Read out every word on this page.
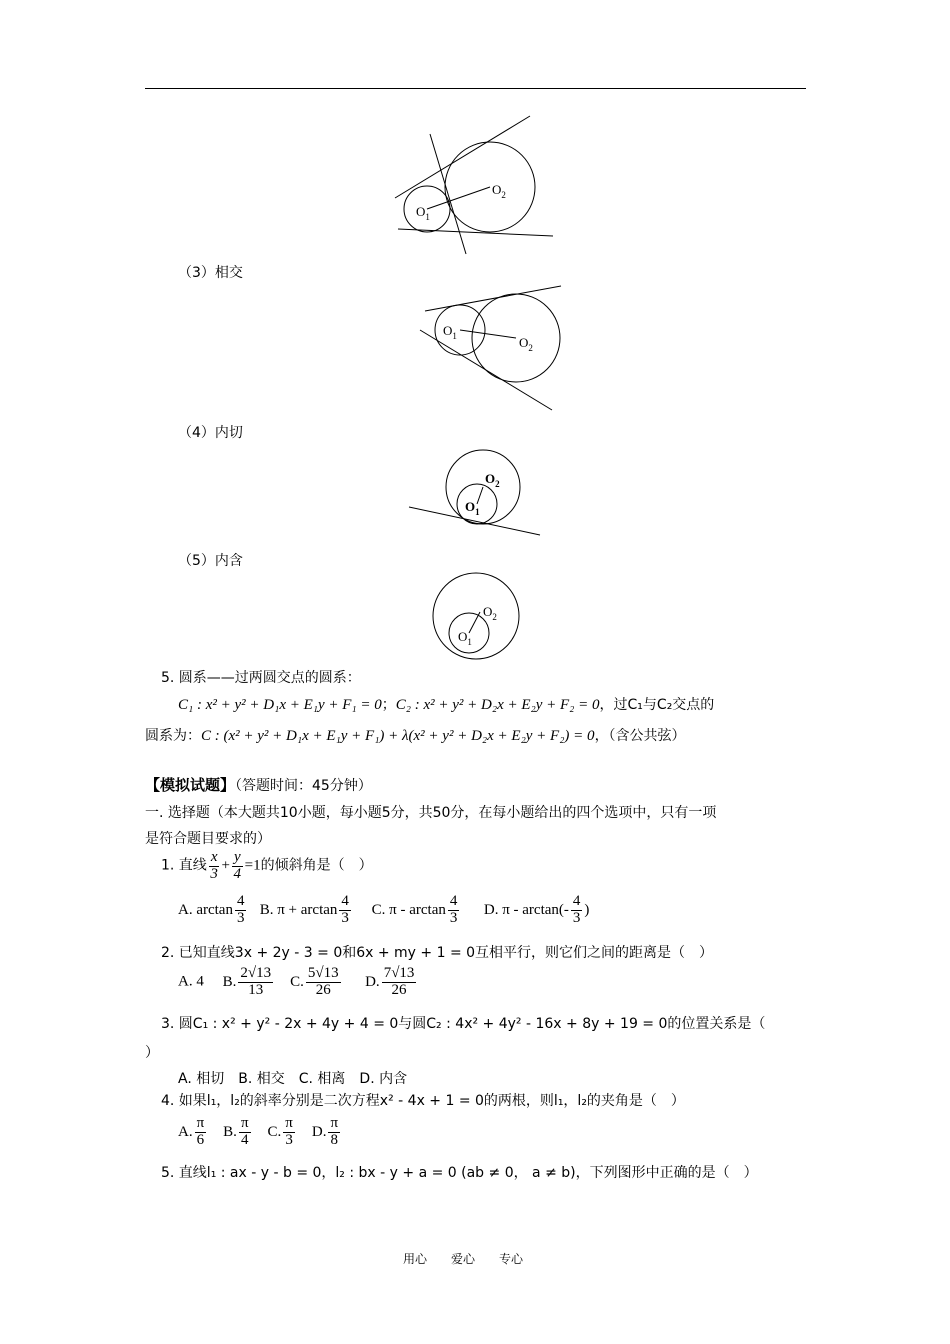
$O_1$
$O_2$
（3）相交
$O_1$	$O_2$
（4）内切
$O_2$
$O_1$
（5）内含
$O_2$
$O_1$
5. 圆系——过两圆交点的圆系：
C₁ : x² + y² + D₁x + E₁y + F₁ = 0；C₂ : x² + y² + D₂x + E₂y + F₂ = 0，过C₁与C₂交点的
圆系为：C : (x² + y² + D₁x + E₁y + F₁) + λ(x² + y² + D₂x + E₂y + F₂) = 0，（含公共弦）
【模拟试题】（答题时间：45分钟）
一. 选择题（本大题共10小题，每小题5分，共50分，在每小题给出的四个选项中，只有一项
是符合题目要求的）
1. 直线 $\frac{x}{3} + \frac{y}{4} =1$的倾斜角是（　）
A. $\arctan \frac{4}{3} B$. $\pi + \arctan \frac{4}{3} C$. π - $\arctan \frac{4}{3} D$. π - $\arctan(- \frac{4}{3}$ )
2. 已知直线3x + 2y - 3 = 0和6x + my + 1 = 0互相平行，则它们之间的距离是（　）
A. 4 B. $\frac{2√13}{13} C$. $\frac{5√13}{26} D$. $\frac{7√13}{26}$
3. 圆C₁ : x² + y² - 2x + 4y + 4 = 0与圆C₂ : 4x² + 4y² - 16x + 8y + 19 = 0的位置关系是（
）
A. 相切　B. 相交　C. 相离　D. 内含
4. 如果l₁，l₂的斜率分别是二次方程x² - 4x + 1 = 0的两根，则l₁，l₂的夹角是（　）
A. $\frac{\pi}{6} B$. $\frac{\pi}{4} C$. $\frac{\pi}{3} D$. $\frac{\pi}{8}$
5. 直线l₁ : ax - y - b = 0，l₂ : bx - y + a = 0 (ab ≠ 0， a ≠ b)，下列图形中正确的是（　）
用心　　爱心　　专心
